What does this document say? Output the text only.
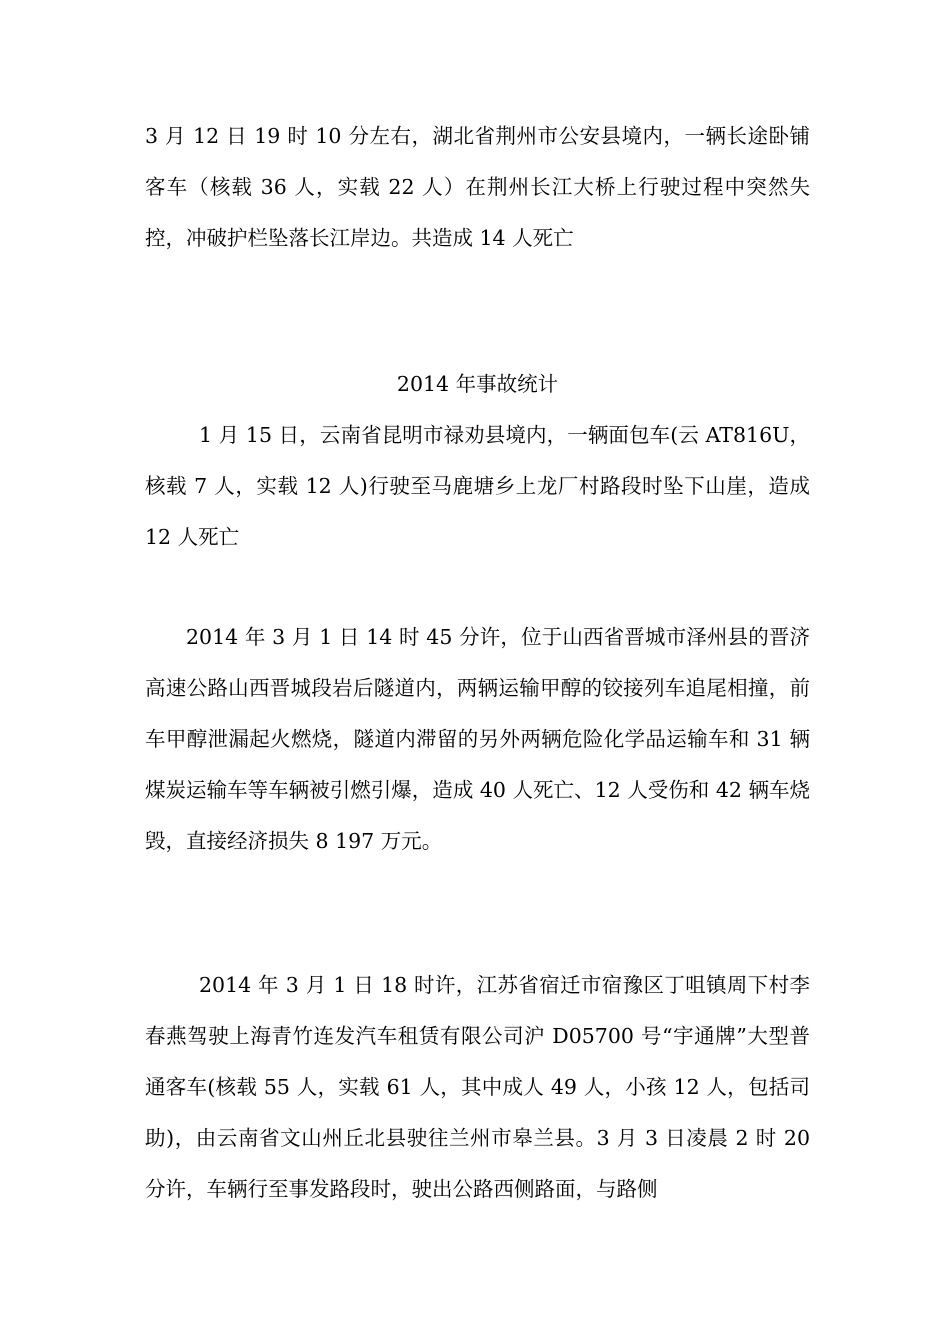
3 月 12 日 19 时 10 分左右，湖北省荆州市公安县境内，一辆长途卧铺客车（核载 36 人，实载 22 人）在荆州长江大桥上行驶过程中突然失控，冲破护栏坠落长江岸边。共造成 14 人死亡

2014 年事故统计

1 月 15 日，云南省昆明市禄劝县境内，一辆面包车(云 AT816U，核载 7 人，实载 12 人)行驶至马鹿塘乡上龙厂村路段时坠下山崖，造成 12 人死亡

2014 年 3 月 1 日 14 时 45 分许，位于山西省晋城市泽州县的晋济高速公路山西晋城段岩后隧道内，两辆运输甲醇的铰接列车追尾相撞，前车甲醇泄漏起火燃烧，隧道内滞留的另外两辆危险化学品运输车和 31 辆煤炭运输车等车辆被引燃引爆，造成 40 人死亡、12 人受伤和 42 辆车烧毁，直接经济损失 8 197 万元。

2014 年 3 月 1 日 18 时许，江苏省宿迁市宿豫区丁咀镇周下村李春燕驾驶上海青竹连发汽车租赁有限公司沪 D05700 号“宇通牌”大型普通客车(核载 55 人，实载 61 人，其中成人 49 人，小孩 12 人，包括司助)，由云南省文山州丘北县驶往兰州市皋兰县。3 月 3 日凌晨 2 时 20 分许，车辆行至事发路段时，驶出公路西侧路面，与路侧
